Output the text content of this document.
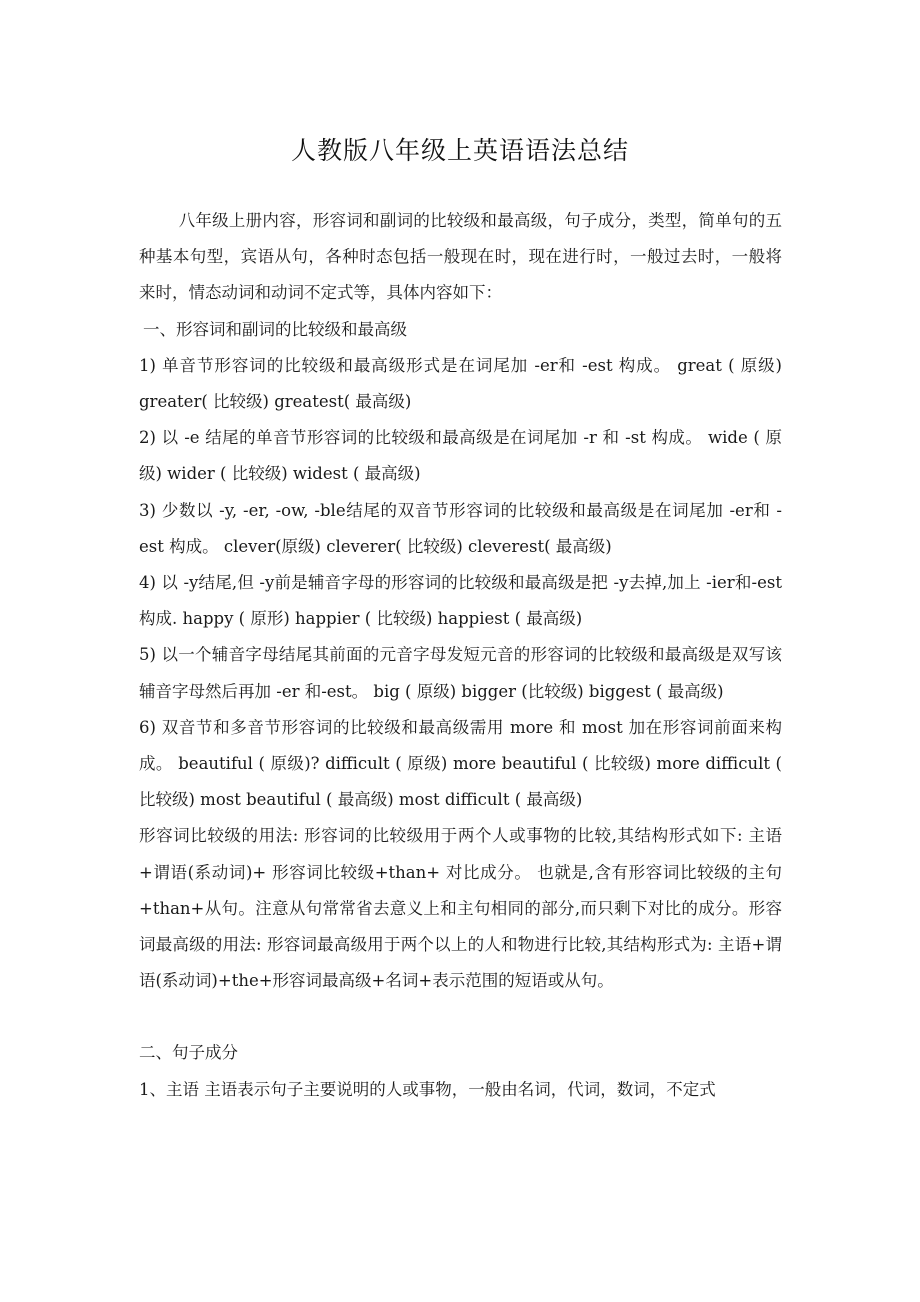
人教版八年级上英语语法总结

八年级上册内容，形容词和副词的比较级和最高级，句子成分，类型，简单句的五种基本句型，宾语从句，各种时态包括一般现在时，现在进行时，一般过去时，一般将来时，情态动词和动词不定式等，具体内容如下：

一、形容词和副词的比较级和最高级

1) 单音节形容词的比较级和最高级形式是在词尾加 -er和 -est 构成。 great ( 原级) greater( 比较级) greatest( 最高级)

2) 以 -e 结尾的单音节形容词的比较级和最高级是在词尾加 -r 和 -st 构成。 wide ( 原级) wider ( 比较级) widest ( 最高级)

3) 少数以 -y, -er, -ow, -ble结尾的双音节形容词的比较级和最高级是在词尾加 -er和 -est 构成。 clever(原级) cleverer( 比较级) cleverest( 最高级)

4) 以 -y结尾,但 -y前是辅音字母的形容词的比较级和最高级是把 -y去掉,加上 -ier和-est 构成. happy ( 原形) happier ( 比较级) happiest ( 最高级)

5) 以一个辅音字母结尾其前面的元音字母发短元音的形容词的比较级和最高级是双写该辅音字母然后再加 -er 和-est。 big ( 原级) bigger (比较级) biggest ( 最高级)

6) 双音节和多音节形容词的比较级和最高级需用 more 和 most 加在形容词前面来构成。 beautiful ( 原级)? difficult ( 原级) more beautiful ( 比较级) more difficult ( 比较级) most beautiful ( 最高级) most difficult ( 最高级)

形容词比较级的用法: 形容词的比较级用于两个人或事物的比较,其结构形式如下: 主语+谓语(系动词)+ 形容词比较级+than+ 对比成分。 也就是,含有形容词比较级的主句+than+从句。注意从句常常省去意义上和主句相同的部分,而只剩下对比的成分。形容词最高级的用法: 形容词最高级用于两个以上的人和物进行比较,其结构形式为: 主语+谓语(系动词)+the+形容词最高级+名词+表示范围的短语或从句。

二、句子成分

1、主语 主语表示句子主要说明的人或事物，一般由名词，代词，数词，不定式
